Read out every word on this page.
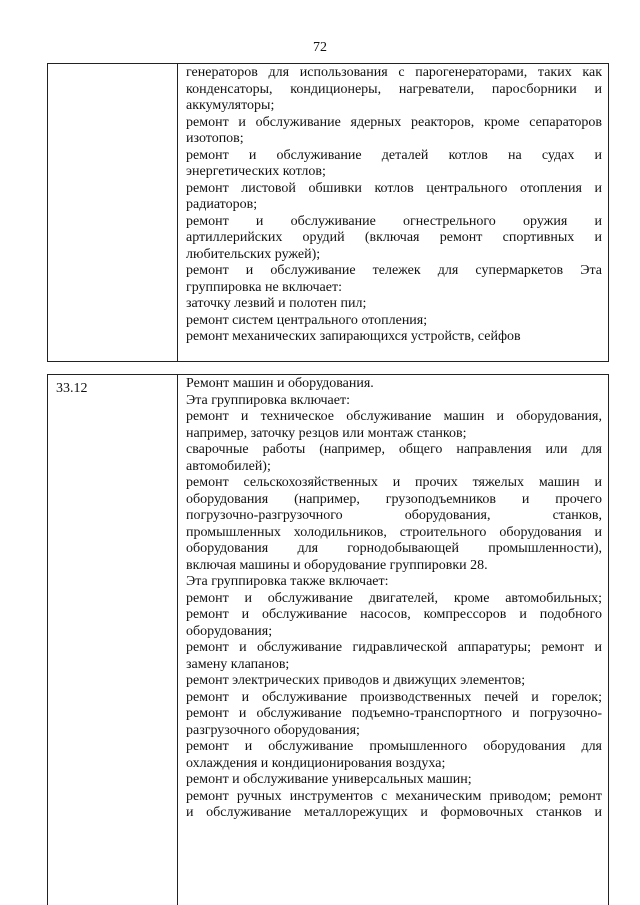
72
генераторов для использования с парогенераторами, таких как
конденсаторы, кондиционеры, нагреватели, паросборники и
аккумуляторы;
ремонт и обслуживание ядерных реакторов, кроме сепараторов
изотопов;
ремонт и обслуживание деталей котлов на судах и
энергетических котлов;
ремонт листовой обшивки котлов центрального отопления и
радиаторов;
ремонт и обслуживание огнестрельного оружия и
артиллерийских орудий (включая ремонт спортивных и
любительских ружей);
ремонт и обслуживание тележек для супермаркетов Эта
группировка не включает:
заточку лезвий и полотен пил;
ремонт систем центрального отопления;
ремонт механических запирающихся устройств, сейфов
33.12	Ремонт машин и оборудования.
Эта группировка включает:
ремонт и техническое обслуживание машин и оборудования,
например, заточку резцов или монтаж станков;
сварочные работы (например, общего направления или для
автомобилей);
ремонт сельскохозяйственных и прочих тяжелых машин и
оборудования (например, грузоподъемников и прочего
погрузочно-разгрузочного оборудования, станков,
промышленных холодильников, строительного оборудования и
оборудования для горнодобывающей промышленности),
включая машины и оборудование группировки 28.
Эта группировка также включает:
ремонт и обслуживание двигателей, кроме автомобильных;
ремонт и обслуживание насосов, компрессоров и подобного
оборудования;
ремонт и обслуживание гидравлической аппаратуры; ремонт и
замену клапанов;
ремонт электрических приводов и движущих элементов;
ремонт и обслуживание производственных печей и горелок;
ремонт и обслуживание подъемно-транспортного и погрузочно-
разгрузочного оборудования;
ремонт и обслуживание промышленного оборудования для
охлаждения и кондиционирования воздуха;
ремонт и обслуживание универсальных машин;
ремонт ручных инструментов с механическим приводом; ремонт
и обслуживание металлорежущих и формовочных станков и
